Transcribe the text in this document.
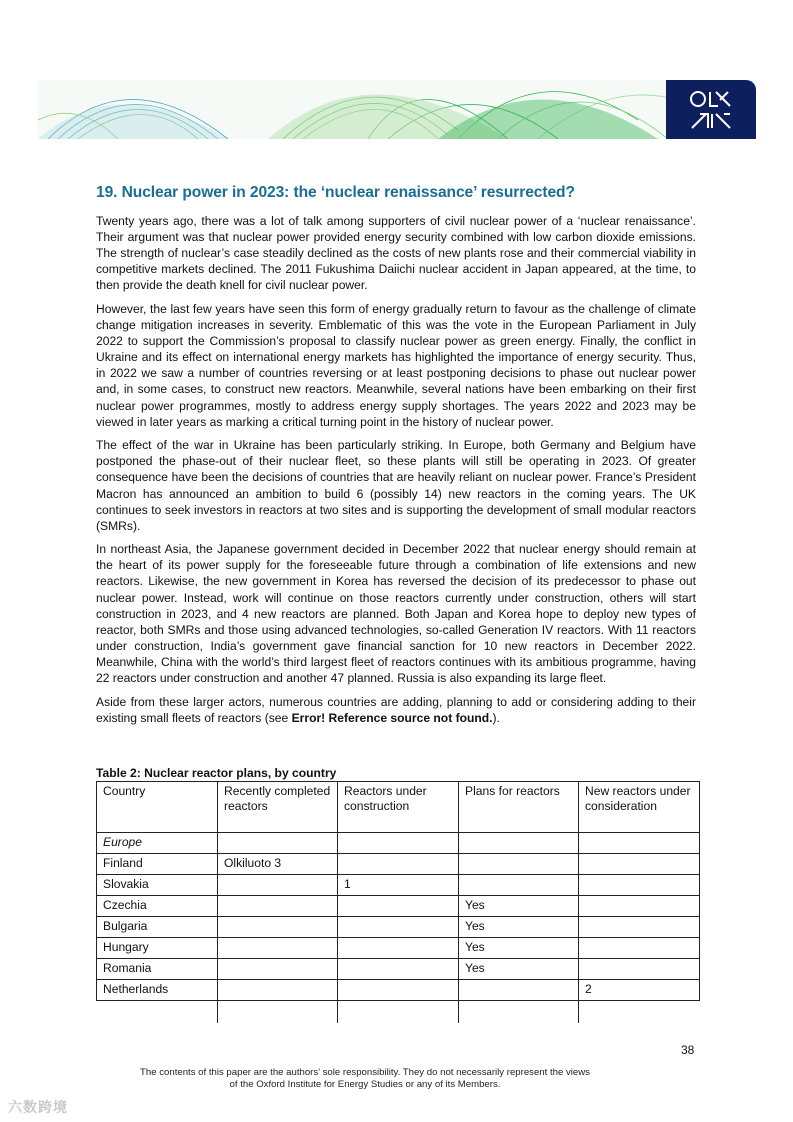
19. Nuclear power in 2023: the ‘nuclear renaissance’ resurrected?

Twenty years ago, there was a lot of talk among supporters of civil nuclear power of a ‘nuclear renaissance’. Their argument was that nuclear power provided energy security combined with low carbon dioxide emissions. The strength of nuclear’s case steadily declined as the costs of new plants rose and their commercial viability in competitive markets declined. The 2011 Fukushima Daiichi nuclear accident in Japan appeared, at the time, to then provide the death knell for civil nuclear power.

However, the last few years have seen this form of energy gradually return to favour as the challenge of climate change mitigation increases in severity. Emblematic of this was the vote in the European Parliament in July 2022 to support the Commission’s proposal to classify nuclear power as green energy. Finally, the conflict in Ukraine and its effect on international energy markets has highlighted the importance of energy security. Thus, in 2022 we saw a number of countries reversing or at least postponing decisions to phase out nuclear power and, in some cases, to construct new reactors. Meanwhile, several nations have been embarking on their first nuclear power programmes, mostly to address energy supply shortages. The years 2022 and 2023 may be viewed in later years as marking a critical turning point in the history of nuclear power.

The effect of the war in Ukraine has been particularly striking. In Europe, both Germany and Belgium have postponed the phase-out of their nuclear fleet, so these plants will still be operating in 2023. Of greater consequence have been the decisions of countries that are heavily reliant on nuclear power. France’s President Macron has announced an ambition to build 6 (possibly 14) new reactors in the coming years. The UK continues to seek investors in reactors at two sites and is supporting the development of small modular reactors (SMRs).

In northeast Asia, the Japanese government decided in December 2022 that nuclear energy should remain at the heart of its power supply for the foreseeable future through a combination of life extensions and new reactors. Likewise, the new government in Korea has reversed the decision of its predecessor to phase out nuclear power. Instead, work will continue on those reactors currently under construction, others will start construction in 2023, and 4 new reactors are planned. Both Japan and Korea hope to deploy new types of reactor, both SMRs and those using advanced technologies, so-called Generation IV reactors. With 11 reactors under construction, India’s government gave financial sanction for 10 new reactors in December 2022. Meanwhile, China with the world’s third largest fleet of reactors continues with its ambitious programme, having 22 reactors under construction and another 47 planned. Russia is also expanding its large fleet.

Aside from these larger actors, numerous countries are adding, planning to add or considering adding to their existing small fleets of reactors (see Error! Reference source not found.).

Table 2: Nuclear reactor plans, by country
Country	Recently completed reactors	Reactors under construction	Plans for reactors	New reactors under consideration
Europe				
Finland	Olkiluoto 3			
Slovakia		1		
Czechia			Yes	
Bulgaria			Yes	
Hungary			Yes	
Romania			Yes	
Netherlands				2

38
The contents of this paper are the authors’ sole responsibility. They do not necessarily represent the views
of the Oxford Institute for Energy Studies or any of its Members.
六数跨境
